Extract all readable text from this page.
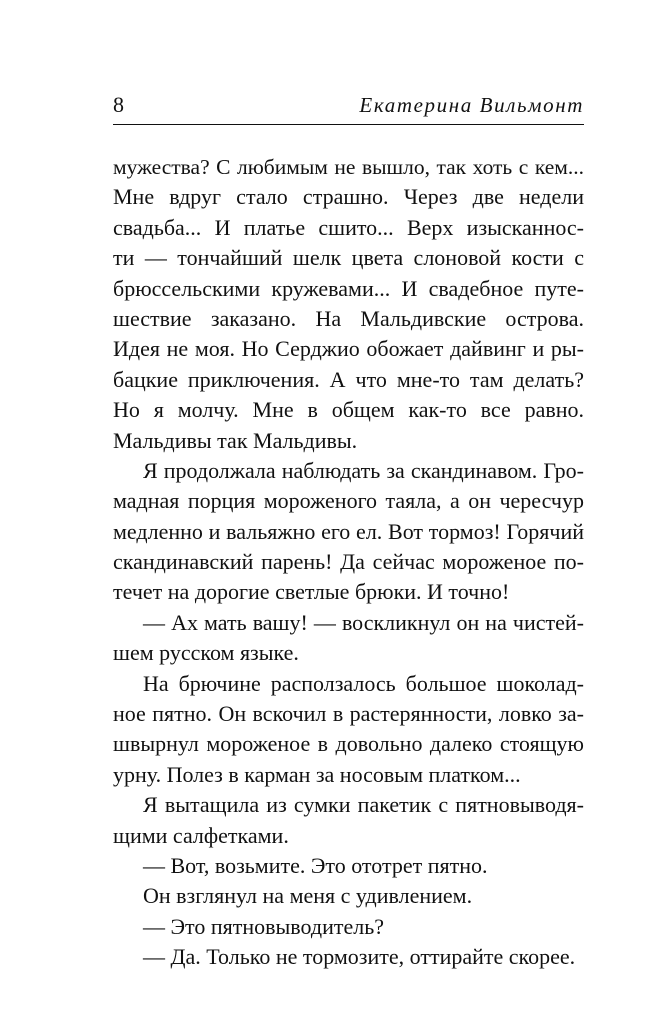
8	Екатерина Вильмонт
мужества? С любимым не вышло, так хоть с кем...
Мне вдруг стало страшно. Через две недели
свадьба... И платье сшито... Верх изысканнос-
ти — тончайший шелк цвета слоновой кости с
брюссельскими кружевами... И свадебное путе-
шествие заказано. На Мальдивские острова.
Идея не моя. Но Серджио обожает дайвинг и ры-
бацкие приключения. А что мне-то там делать?
Но я молчу. Мне в общем как-то все равно.
Мальдивы так Мальдивы.
Я продолжала наблюдать за скандинавом. Гро-
мадная порция мороженого таяла, а он чересчур
медленно и вальяжно его ел. Вот тормоз! Горячий
скандинавский парень! Да сейчас мороженое по-
течет на дорогие светлые брюки. И точно!
— Ах мать вашу! — воскликнул он на чистей-
шем русском языке.
На брючине расползалось большое шоколад-
ное пятно. Он вскочил в растерянности, ловко за-
швырнул мороженое в довольно далеко стоящую
урну. Полез в карман за носовым платком...
Я вытащила из сумки пакетик с пятновыводя-
щими салфетками.
— Вот, возьмите. Это ототрет пятно.
Он взглянул на меня с удивлением.
— Это пятновыводитель?
— Да. Только не тормозите, оттирайте скорее.
